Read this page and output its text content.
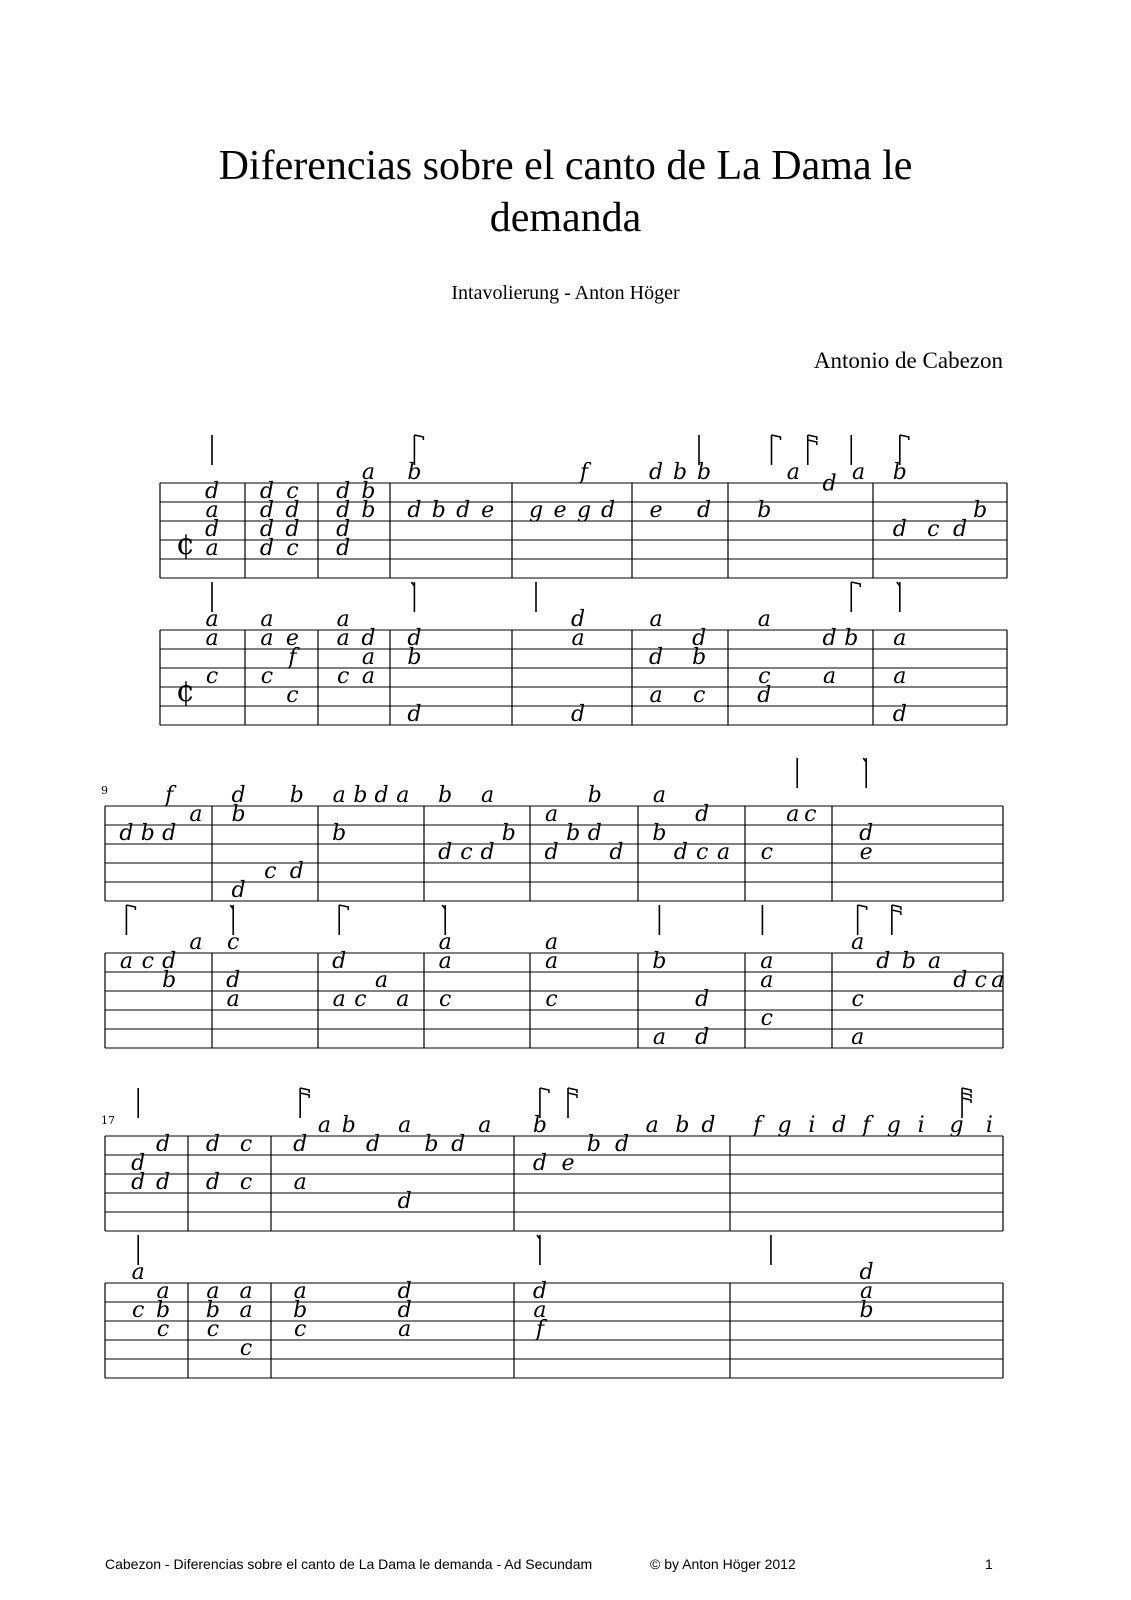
Diferencias sobre el canto de La Dama le
demanda
Intavolierung - Anton Höger
Antonio de Cabezon
¢
d
a
d
a
d
d
d
d
c
d
d
c
d
d
d
d
a
b
b
b
d b d e g e
f
g d
d
e
b b
d b
a d a b
d c d
b
¢
a
a
c
a
a
c
e
f
c
a
a
c
d
a
a
d
b
d
d
a
d
a
d
a
d
b
c
a
c
d
d
a
b a
a
d
9
d b
f
d
a
d
b
d
c
b
d
a
b
b d a b
d c
a
d
b
a
d
b
b
d
d
a
b
d
d
c a c
a c
d
e
a c d
b
a c
d
a
d
a c
a
a
a
a
c
a
a
c
b
a
d
d
a
a
c
a
c
a
d b a
d c a
17
d
d
d
d
d
d
c
c
d
a
a b
d
a
d
b d
a b
d e
b d
a b d f g i d f g i g i
a
c
a
b
c
a
b
c
a
a
c
a
b
c
d
d
a
d
a
f
d
a
b
Cabezon - Diferencias sobre el canto de La Dama le demanda - Ad Secundam	© by Anton Höger 2012	1
